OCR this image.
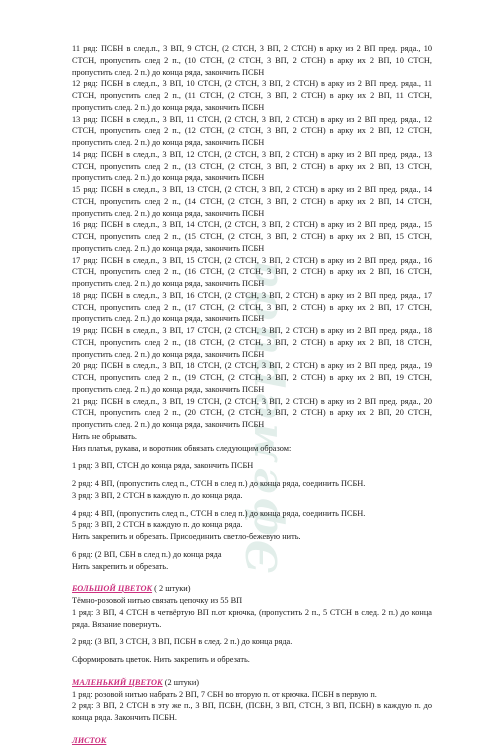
Эфемерида

11 ряд: ПСБН в след.п., 3 ВП, 9 СТСН, (2 СТСН, 3 ВП, 2 СТСН) в арку из 2 ВП пред. ряда., 10 СТСН, пропустить след 2 п., (10 СТСН, (2 СТСН, 3 ВП, 2 СТСН) в арку их 2 ВП, 10 СТСН, пропустить след. 2 п.) до конца ряда, закончить ПСБН

12 ряд: ПСБН в след.п., 3 ВП, 10 СТСН, (2 СТСН, 3 ВП, 2 СТСН) в арку из 2 ВП пред. ряда., 11 СТСН, пропустить след 2 п., (11 СТСН, (2 СТСН, 3 ВП, 2 СТСН) в арку их 2 ВП, 11 СТСН, пропустить след. 2 п.) до конца ряда, закончить ПСБН

13 ряд: ПСБН в след.п., 3 ВП, 11 СТСН, (2 СТСН, 3 ВП, 2 СТСН) в арку из 2 ВП пред. ряда., 12 СТСН, пропустить след 2 п., (12 СТСН, (2 СТСН, 3 ВП, 2 СТСН) в арку их 2 ВП, 12 СТСН, пропустить след. 2 п.) до конца ряда, закончить ПСБН

14 ряд: ПСБН в след.п., 3 ВП, 12 СТСН, (2 СТСН, 3 ВП, 2 СТСН) в арку из 2 ВП пред. ряда., 13 СТСН, пропустить след 2 п., (13 СТСН, (2 СТСН, 3 ВП, 2 СТСН) в арку их 2 ВП, 13 СТСН, пропустить след. 2 п.) до конца ряда, закончить ПСБН

15 ряд: ПСБН в след.п., 3 ВП, 13 СТСН, (2 СТСН, 3 ВП, 2 СТСН) в арку из 2 ВП пред. ряда., 14 СТСН, пропустить след 2 п., (14 СТСН, (2 СТСН, 3 ВП, 2 СТСН) в арку их 2 ВП, 14 СТСН, пропустить след. 2 п.) до конца ряда, закончить ПСБН

16 ряд: ПСБН в след.п., 3 ВП, 14 СТСН, (2 СТСН, 3 ВП, 2 СТСН) в арку из 2 ВП пред. ряда., 15 СТСН, пропустить след 2 п., (15 СТСН, (2 СТСН, 3 ВП, 2 СТСН) в арку их 2 ВП, 15 СТСН, пропустить след. 2 п.) до конца ряда, закончить ПСБН

17 ряд: ПСБН в след.п., 3 ВП, 15 СТСН, (2 СТСН, 3 ВП, 2 СТСН) в арку из 2 ВП пред. ряда., 16 СТСН, пропустить след 2 п., (16 СТСН, (2 СТСН, 3 ВП, 2 СТСН) в арку их 2 ВП, 16 СТСН, пропустить след. 2 п.) до конца ряда, закончить ПСБН

18 ряд: ПСБН в след.п., 3 ВП, 16 СТСН, (2 СТСН, 3 ВП, 2 СТСН) в арку из 2 ВП пред. ряда., 17 СТСН, пропустить след 2 п., (17 СТСН, (2 СТСН, 3 ВП, 2 СТСН) в арку их 2 ВП, 17 СТСН, пропустить след. 2 п.) до конца ряда, закончить ПСБН

19 ряд: ПСБН в след.п., 3 ВП, 17 СТСН, (2 СТСН, 3 ВП, 2 СТСН) в арку из 2 ВП пред. ряда., 18 СТСН, пропустить след 2 п., (18 СТСН, (2 СТСН, 3 ВП, 2 СТСН) в арку их 2 ВП, 18 СТСН, пропустить след. 2 п.) до конца ряда, закончить ПСБН

20 ряд: ПСБН в след.п., 3 ВП, 18 СТСН, (2 СТСН, 3 ВП, 2 СТСН) в арку из 2 ВП пред. ряда., 19 СТСН, пропустить след 2 п., (19 СТСН, (2 СТСН, 3 ВП, 2 СТСН) в арку их 2 ВП, 19 СТСН, пропустить след. 2 п.) до конца ряда, закончить ПСБН

21 ряд: ПСБН в след.п., 3 ВП, 19 СТСН, (2 СТСН, 3 ВП, 2 СТСН) в арку из 2 ВП пред. ряда., 20 СТСН, пропустить след 2 п., (20 СТСН, (2 СТСН, 3 ВП, 2 СТСН) в арку их 2 ВП, 20 СТСН, пропустить след. 2 п.) до конца ряда, закончить ПСБН

Нить не обрывать.

Низ платья, рукава, и воротник обвязать следующим образом:

1 ряд: 3 ВП, СТСН до конца ряда, закончить ПСБН

2 ряд: 4 ВП, (пропустить след п., СТСН в след п.) до конца ряда, соединить ПСБН.

3 ряд: 3 ВП, 2 СТСН в каждую п. до конца ряда.

4 ряд: 4 ВП, (пропустить след п., СТСН в след п.) до конца ряда, соединить ПСБН.

5 ряд: 3 ВП, 2 СТСН в каждую п. до конца ряда.

Нить закрепить и обрезать. Присоединить светло-бежевую нить.

6 ряд: (2 ВП, СБН в след п.) до конца ряда

Нить закрепить и обрезать.

БОЛЬШОЙ ЦВЕТОК ( 2 штуки)

Тёмно-розовой нитью связать цепочку из 55 ВП

1 ряд: 3 ВП, 4 СТСН в четвёртую ВП п.от крючка, (пропустить 2 п., 5 СТСН в след. 2 п.) до конца ряда. Вязание повернуть.

2 ряд: (3 ВП, 3 СТСН, 3 ВП, ПСБН в след. 2 п.) до конца ряда.

Сформировать цветок. Нить закрепить и обрезать.

МАЛЕНЬКИЙ ЦВЕТОК (2 штуки)

1 ряд: розовой нитью набрать 2 ВП, 7 СБН во вторую п. от крючка. ПСБН в первую п.

2 ряд: 3 ВП, 2 СТСН в эту же п., 3 ВП, ПСБН, (ПСБН, 3 ВП, СТСН, 3 ВП, ПСБН) в каждую п. до конца ряда. Закончить ПСБН.

ЛИСТОК
